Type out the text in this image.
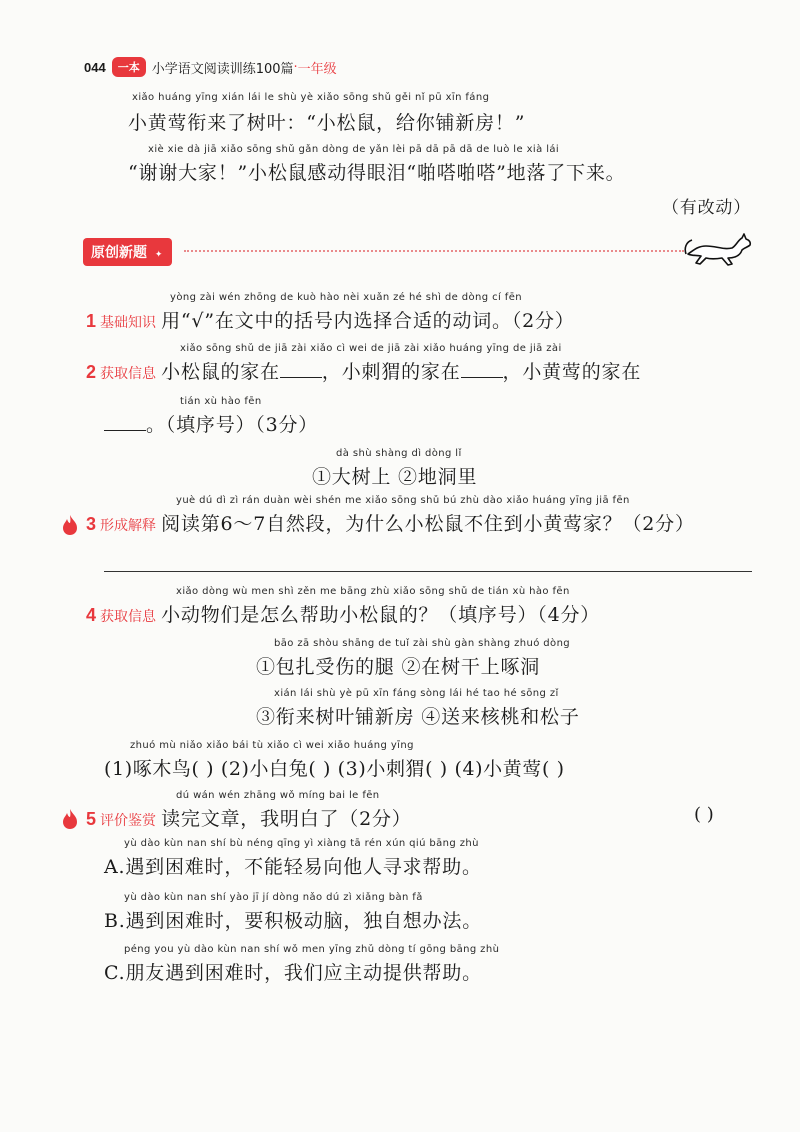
044	一本 小学语文阅读训练100篇 · 一年级
xiǎo huáng yīng xián lái le shù yè xiǎo sōng shǔ gěi nǐ pū xīn fáng
小黄莺衔来了树叶：“小松鼠，给你铺新房！”
xiè xie dà jiā xiǎo sōng shǔ gǎn dòng de yǎn lèi pā dā pā dā de luò le xià lái
“谢谢大家！”小松鼠感动得眼泪“啪嗒啪嗒”地落了下来。
（有改动）
原创新题 ✦
yòng zài wén zhōng de kuò hào nèi xuǎn zé hé shì de dòng cí fēn
1 基础知识 用“√”在文中的括号内选择合适的动词。（2分）
xiǎo sōng shǔ de jiā zài xiǎo cì wei de jiā zài xiǎo huáng yīng de jiā zài
2 获取信息 小松鼠的家在 ，小刺猬的家在 ，小黄莺的家在
tián xù hào fēn
。（填序号）（3分）
dà shù shàng dì dòng lǐ
①大树上 ②地洞里
yuè dú dì zì rán duàn wèi shén me xiǎo sōng shǔ bú zhù dào xiǎo huáng yīng jiā fēn
3 形成解释 阅读第6～7自然段，为什么小松鼠不住到小黄莺家？（2分）
xiǎo dòng wù men shì zěn me bāng zhù xiǎo sōng shǔ de tián xù hào fēn
4 获取信息 小动物们是怎么帮助小松鼠的？（填序号）（4分）
bāo zā shòu shāng de tuǐ zài shù gàn shàng zhuó dòng
①包扎受伤的腿 ②在树干上啄洞
xián lái shù yè pū xīn fáng sòng lái hé tao hé sōng zǐ
③衔来树叶铺新房 ④送来核桃和松子
zhuó mù niǎo xiǎo bái tù xiǎo cì wei xiǎo huáng yīng
(1)啄木鸟( ) (2)小白兔( ) (3)小刺猬( ) (4)小黄莺( )
dú wán wén zhāng wǒ míng bai le fēn
5 评价鉴赏 读完文章，我明白了（2分）	( )
yù dào kùn nan shí bù néng qīng yì xiàng tā rén xún qiú bāng zhù
A.遇到困难时，不能轻易向他人寻求帮助。
yù dào kùn nan shí yào jī jí dòng nǎo dú zì xiǎng bàn fǎ
B.遇到困难时，要积极动脑，独自想办法。
péng you yù dào kùn nan shí wǒ men yīng zhǔ dòng tí gōng bāng zhù
C.朋友遇到困难时，我们应主动提供帮助。
